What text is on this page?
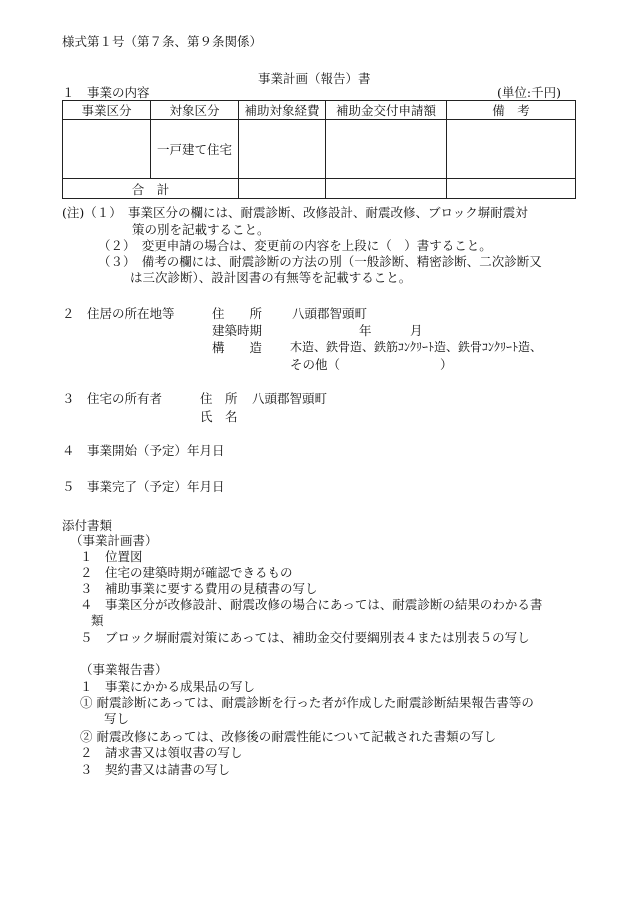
様式第１号（第７条、第９条関係）
事業計画（報告）書
１　事業の内容	(単位:千円)
事業区分	対象区分	補助対象経費	補助金交付申請額	備　考
	一戸建て住宅			
合　計				
(注)（１）　事業区分の欄には、耐震診断、改修設計、耐震改修、ブロック塀耐震対
策の別を記載すること。
（２）　変更申請の場合は、変更前の内容を上段に（　）書すること。
（３）　備考の欄には、耐震診断の方法の別（一般診断、精密診断、二次診断又
は三次診断）、設計図書の有無等を記載すること。
２　住居の所在地等	住　　所 八頭郡智頭町
建築時期	年	月
構　　造 木造、鉄骨造、鉄筋ｺﾝｸﾘｰﾄ造、鉄骨ｺﾝｸﾘｰﾄ造、
その他（　　　　　　　　）
３　住宅の所有者	住　所 八頭郡智頭町
氏　名
４　事業開始（予定）年月日
５　事業完了（予定）年月日
添付書類
（事業計画書）
１　位置図
２　住宅の建築時期が確認できるもの
３　補助事業に要する費用の見積書の写し
４　事業区分が改修設計、耐震改修の場合にあっては、耐震診断の結果のわかる書
類
５　ブロック塀耐震対策にあっては、補助金交付要綱別表４または別表５の写し
（事業報告書）
１　事業にかかる成果品の写し
① 耐震診断にあっては、耐震診断を行った者が作成した耐震診断結果報告書等の
写し
② 耐震改修にあっては、改修後の耐震性能について記載された書類の写し
２　請求書又は領収書の写し
３　契約書又は請書の写し
